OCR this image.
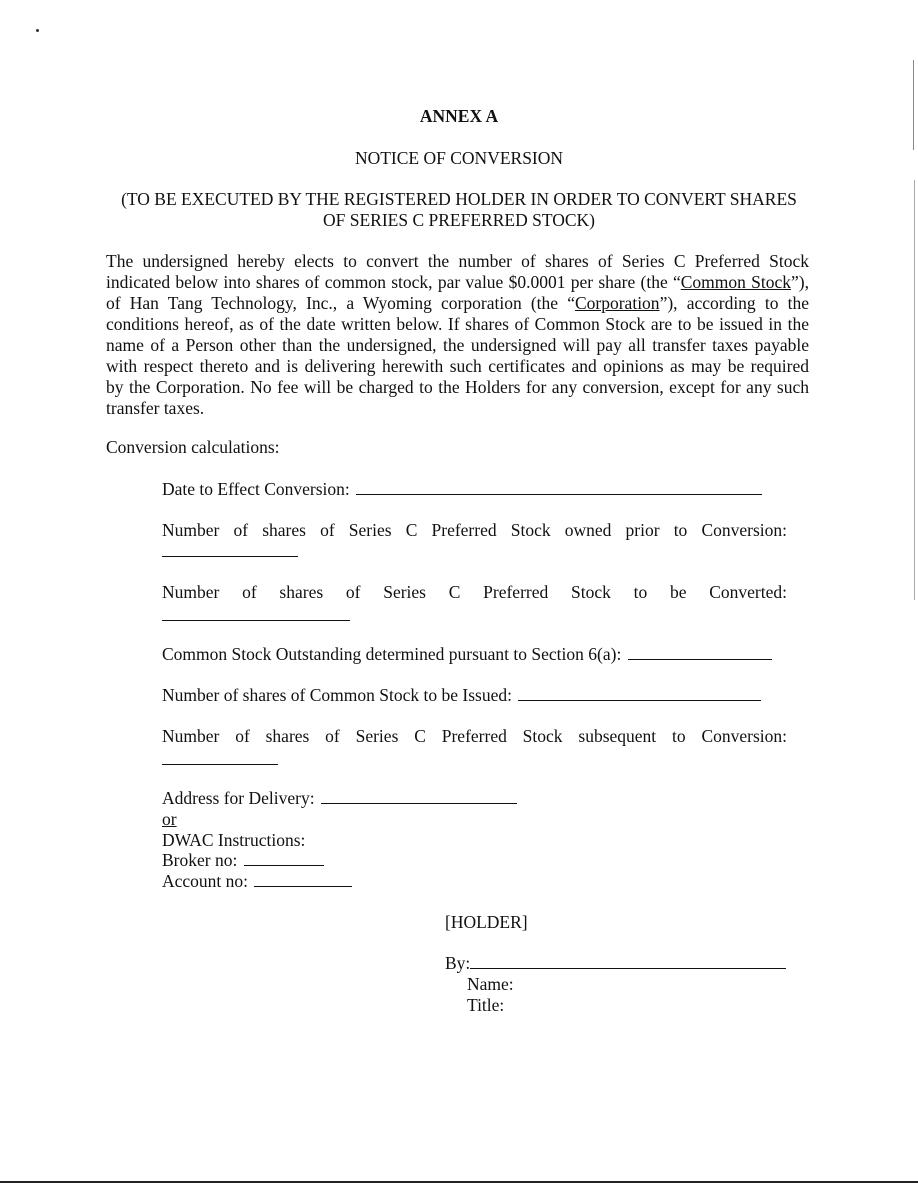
ANNEX A
NOTICE OF CONVERSION
(TO BE EXECUTED BY THE REGISTERED HOLDER IN ORDER TO CONVERT SHARES
OF SERIES C PREFERRED STOCK)
The undersigned hereby elects to convert the number of shares of Series C Preferred Stock
indicated below into shares of common stock, par value $0.0001 per share (the “Common Stock”),
of Han Tang Technology, Inc., a Wyoming corporation (the “Corporation”), according to the
conditions hereof, as of the date written below. If shares of Common Stock are to be issued in the
name of a Person other than the undersigned, the undersigned will pay all transfer taxes payable
with respect thereto and is delivering herewith such certificates and opinions as may be required
by the Corporation. No fee will be charged to the Holders for any conversion, except for any such
transfer taxes.
Conversion calculations:
Date to Effect Conversion:
Number of shares of Series C Preferred Stock owned prior to Conversion:
Number of shares of Series C Preferred Stock to be Converted:
Common Stock Outstanding determined pursuant to Section 6(a):
Number of shares of Common Stock to be Issued:
Number of shares of Series C Preferred Stock subsequent to Conversion:
Address for Delivery:
or
DWAC Instructions:
Broker no:
Account no:
[HOLDER]
By:
Name:
Title:
